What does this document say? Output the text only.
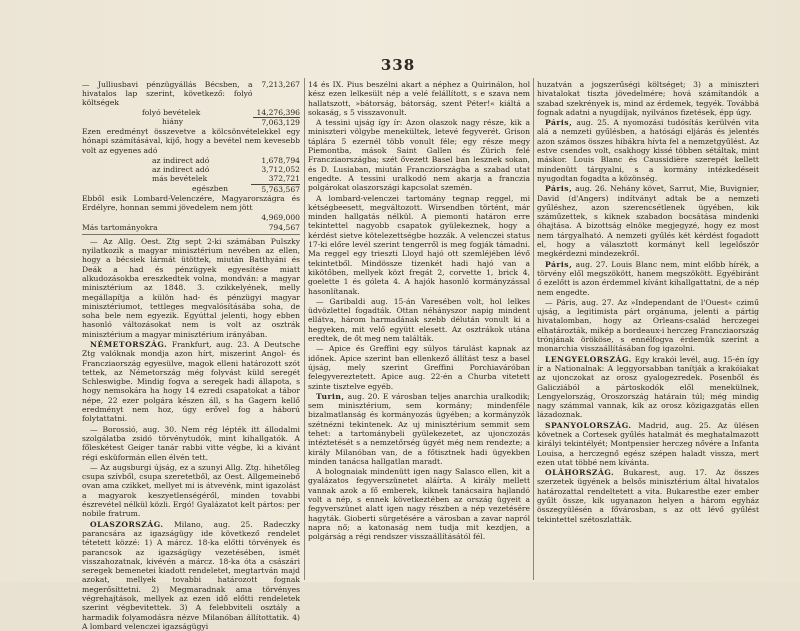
338
— Julliusbavi pénzügyállás Bécsben, a hivatalos lap szerint, következő: folyó költségek	7,213,267
folyó bevételek	14,276,396
hiány	7,063,129

Ezen eredményt összevetve a kölcsönvételekkel egy hónapi számításával, kijő, hogy a bevétel nem kevesebb volt az egyenes adó

az indirect adó	1,678,794
az indirect adó	3,712,052
más bevételek	372,721
egészben	5,763,567

Ebből esik Lombard-Velenczére, Magyarországra és Erdélyre, honnan semmi jövedelem nem jött

	4,969,000
Más tartományokra	794,567

— Az Allg. Oest. Ztg sept 2-ki számában Pulszky nyilatkozik a magyar minisztérium nevében az ellen, hogy a bécsiek lármát ütöttek, miután Batthyáni és Deák a had és pénzügyek egyesítése miatt alkudozásokba ereszkedtek volna, mondván: a magyar minisztérium az 1848. 3. czikkelyének, melly megállapítja a külön had- és pénzügyi magyar minisztériumot, tettleges megvalósításába soha, de soha bele nem egyezik. Egyúttal jelenti, hogy ebben hasonló változásokat nem is volt az osztrák minisztérium a magyar minisztérium irányában.

NÉMETORSZÁG. Frankfurt, aug. 23. A Deutsche Ztg valóknak mondja azon hírt, miszerint Angol- és Francziaország egyesülve, magok elleni határozott szót tettek, az Németország még folyvást küld seregét Schleswigbe. Mindig fogva a seregek hadi állapota, s hogy nemsokára ha hogy 14 ezredi csapatokat a tábor népe, 22 ezer polgára készen áll, s ha Gagern kellő eredményt nem hoz, úgy erővel fog a háború folytattatni.

— Borossió, aug. 30. Nem rég lépték itt állodalmi szolgálatba zsidó törvénytudók, mint kihallgatók. A főleskétest Geiger tanár rabbi vitte végbe, ki a kivánt régi esküformán ellen élvén tett.

— Az augsburgi újság, ez a szunyi Allg. Ztg. hihetőleg csupa szívből, csupa szeretetből, az Oest. Allgemeinebő ovan ama czikket, mellyet mi is átvevénk, mint igazolást a magyarok keszyetlenségéről, minden tovabbi észrevétel nélkül közli. Ergó! Gyalázatot kelt pártos: per nobile fratrum.

OLASZORSZÁG. Milano, aug. 25. Radeczky parancsára az igazságügy ide következő rendelet tétetett közzé: 1) A márcz. 18-ka előtti törvények és parancsok az igazságügy vezetésében, ismét visszahozatnak, kivévén a márcz. 18-ka óta a császári seregek bemenetei kiadott rendeletet, megtartván majd azokat, mellyek tovabbi határozott fognak megerősíttetni. 2) Megmaradnak ama törvényes végrehajtások, mellyek az ezen idő előtti rendeletek szerint végbevitettek. 3) A felebbviteli osztály a harmadik folyamodásra nézve Milanóban állítottatik. 4) A lombard velenczei igazságügyi

14 és IX. Pius beszélni akart a néphez a Quirinálon, hol kész ezen lelkesült nép a velé felállított, s e szava nem hallatszott, »bátorság, bátorság, szent Péter!« kiáltá a sokaság, s 5 visszavonult.

A tessini ujság így ír: Azon olaszok nagy része, kik a miniszteri völgybe menekültek, letevé fegyverét. Grison táplára 5 ezernél több vonult féle; egy része megy Piemontba, mások Saint Gallen és Zürich felé Francziaországba; szét ővezett Basel ban lesznek sokan, és D. Lusiaban, miután Francziországba a szabad utat engedte. A tessini uralkodó nem akarja a franczia polgárokat olaszországi kapcsolat szemén.

A lombard-velenczei tartomány tegnap reggel, mi kétségbeesett, megváltozott. Wirsendben történt, már minden hallgatás nélkül. A piemonti határon erre tekintettel nagyobb csapatok gyülekeznek, hogy a kérdést sietve kötelezettségbe hozzák. A velenczei status 17-ki előre levél szerint tengerről is meg fogják támadni. Ma reggel egy trieszti Lloyd hajó ott szemléjében lévő tekintetből. Mindössze tizenkét hadi hajó van a kikötőben, mellyek közt fregát 2, corvette 1, brick 4, goelette 1 és góleta 4. A hajók hasonló kormányzással hasonlítanak.

— Garibaldi aug. 15-án Varesében volt, hol lelkes üdvözlettel fogadták. Ottan néhányszor napig mindent ellátva, három harmadának szebb délután vonult ki a hegyeken, mit velő együtt elesett. Az osztrákok utána eredtek, de őt meg nem találták.

— Apice és Greffini egy súlyos tárulást kapnak az időnek. Apice szerint ban ellenkező állítást tesz a basel újság, mely szerint Greffini Porchiaváróban felegyvereztetett. Apice aug. 22-én a Churba vitetett szinte tisztelve egyéb.

Turin, aug. 20. E városban teljes anarchia uralkodik; sem minisztérium, sem kormány; mindenféle bizalmatlanság és kormányozás ügyében; a kormányzók szétnézni tekintenek. Az uj minisztérium semmit sem tehet: a tartománybeli gyülekezetet, az ujonczozás intéztetését s a nemzetőrség ügyét még nem rendezte; a király Milanóban van, de a főtisztnek hadi ügyekben minden tanácsa hallgatlan maradt.

A bolognaiak mindenütt igen nagy Salasco ellen, kit a gyalázatos fegyverszünetet aláírta. A király mellett vannak azok a fő emberek, kiknek tanácsaira hajlandó volt a nép, s ennek következtében az ország ügyeit a fegyverszünet alatt igen nagy részben a nép vezetésére hagyták. Gioberti sürgetésére a városban a zavar napról napra nő; a katonaság nem tudja mit kezdjen, a polgárság a régi rendszer visszaállításától fél.

huzatván a jogszerűségi költséget; 3) a miniszteri hivatalokat tiszta jövedelmére; hová számítandók a szabad szekrények is, mind az érdemek, tegyék. Továbbá fognak adatni a nyugdíjak, nyilvános fizetések, épp úgy.

Páris, aug. 25. A nyomozási tudósítás kerülvén vita alá a nemzeti gyűlésben, a hatósági eljárás és jelentés azon számos összes hibákra hívta fel a nemzetgyűlést. Az estve csendes volt, csakhogy kissé többen sétáltak, mint máskor. Louis Blanc és Caussidière szerepét kellett mindenütt tárgyalni, s a kormány intézkedéseit nyugodtan fogadta a közönség.

Páris, aug. 26. Nehány követ, Sarrut, Mie, Buvignier, David (d'Angers) indítványt adtak be a nemzeti gyűléshez, azon szerencsétlenek ügyében, kik száműzettek, s kiknek szabadon bocsátása mindenki óhajtása. A bizottság elnöke megjegyzé, hogy ez most nem tárgyalható. A nemzeti gyűlés két kérdést fogadott el, hogy a választott kormányt kell legelőször megkérdezni mindezekről.

Páris, aug. 27. Louis Blanc nem, mint előbb hírék, a törvény elől megszökött, hanem megszökött. Egyébiránt ő ezelőtt is azon érdemmel kívánt kihallgattatni, de a nép nem engedte.

— Páris, aug. 27. Az »Independant de l'Ouest« czimű ujság, a legitimista párt orgánuma, jelenti a pártig hivatalomban, hogy az Orleans-család herczegei elhatározták, mikép a bordeaux-i herczeg Francziaország trónjának örököse, s ennélfogva érdemük szerint a monarchia visszaállításában fog igazolni.

LENGYELORSZÁG. Egy krakói levél, aug. 15-én így ír a Nationalnak: A leggyorsabban tanítják a krakóiakat az ujonczokat az orosz gyalogezredek. Posenből és Galicziából a pártoskodók elől menekülnek, Lengyelország, Oroszország határain túl; még mindig nagy számmal vannak, kik az orosz közigazgatás ellen lázadoznak.

SPANYOLORSZÁG. Madrid, aug. 25. Az ülésen követnek a Cortesek gyűlés hatalmát és meghatalmazott királyi tekintélyét; Montpensier herczeg nővére a Infanta Louisa, a herczegnő egész szépen haladt vissza, mert ezen utat többé nem kívánta.

OLÁHORSZÁG. Bukarest, aug. 17. Az összes szerzetek ügyének a belsős minisztérium által hivatalos határozattal rendeltetett a vita. Bukarestbe ezer ember gyűlt össze, kik ugyanazon helyen a három egyház összegyülésén a fővárosban, s az ott lévő gyűlést tekintettel szétoszlatták.
